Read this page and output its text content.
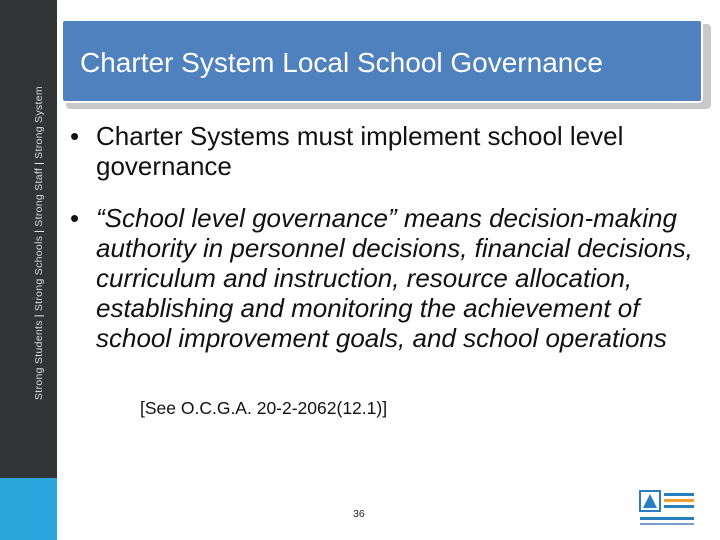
Strong Students|Strong Schools|Strong Staff|Strong System
Charter System Local School Governance
• Charter Systems must implement school level governance
• “School level governance” means decision-making authority in personnel decisions, financial decisions, curriculum and instruction, resource allocation, establishing and monitoring the achievement of school improvement goals, and school operations
[See O.C.G.A. 20-2-2062(12.1)]
36
